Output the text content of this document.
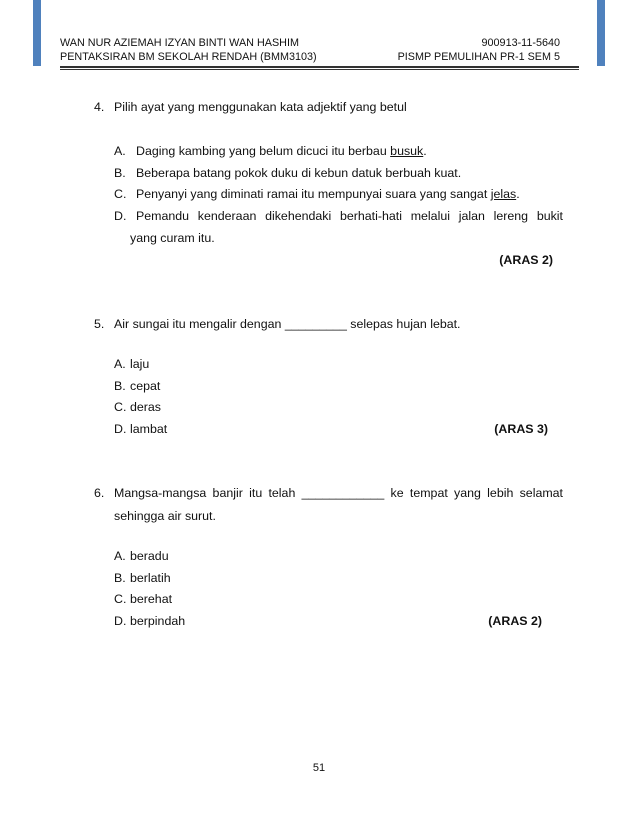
WAN NUR AZIEMAH IZYAN BINTI WAN HASHIM
PENTAKSIRAN BM SEKOLAH RENDAH (BMM3103)
900913-11-5640
PISMP PEMULIHAN PR-1 SEM 5
4. Pilih ayat yang menggunakan kata adjektif yang betul
A. Daging kambing yang belum dicuci itu berbau busuk.
B. Beberapa batang pokok duku di kebun datuk berbuah kuat.
C. Penyanyi yang diminati ramai itu mempunyai suara yang sangat jelas.
D. Pemandu kenderaan dikehendaki berhati-hati melalui jalan lereng bukit
yang curam itu.
(ARAS 2)
5. Air sungai itu mengalir dengan _________ selepas hujan lebat.
A. laju
B. cepat
C. deras
D. lambat	(ARAS 3)
6. Mangsa-mangsa banjir itu telah ____________ ke tempat yang lebih selamat
sehingga air surut.
A. beradu
B. berlatih
C. berehat
D. berpindah	(ARAS 2)
51
